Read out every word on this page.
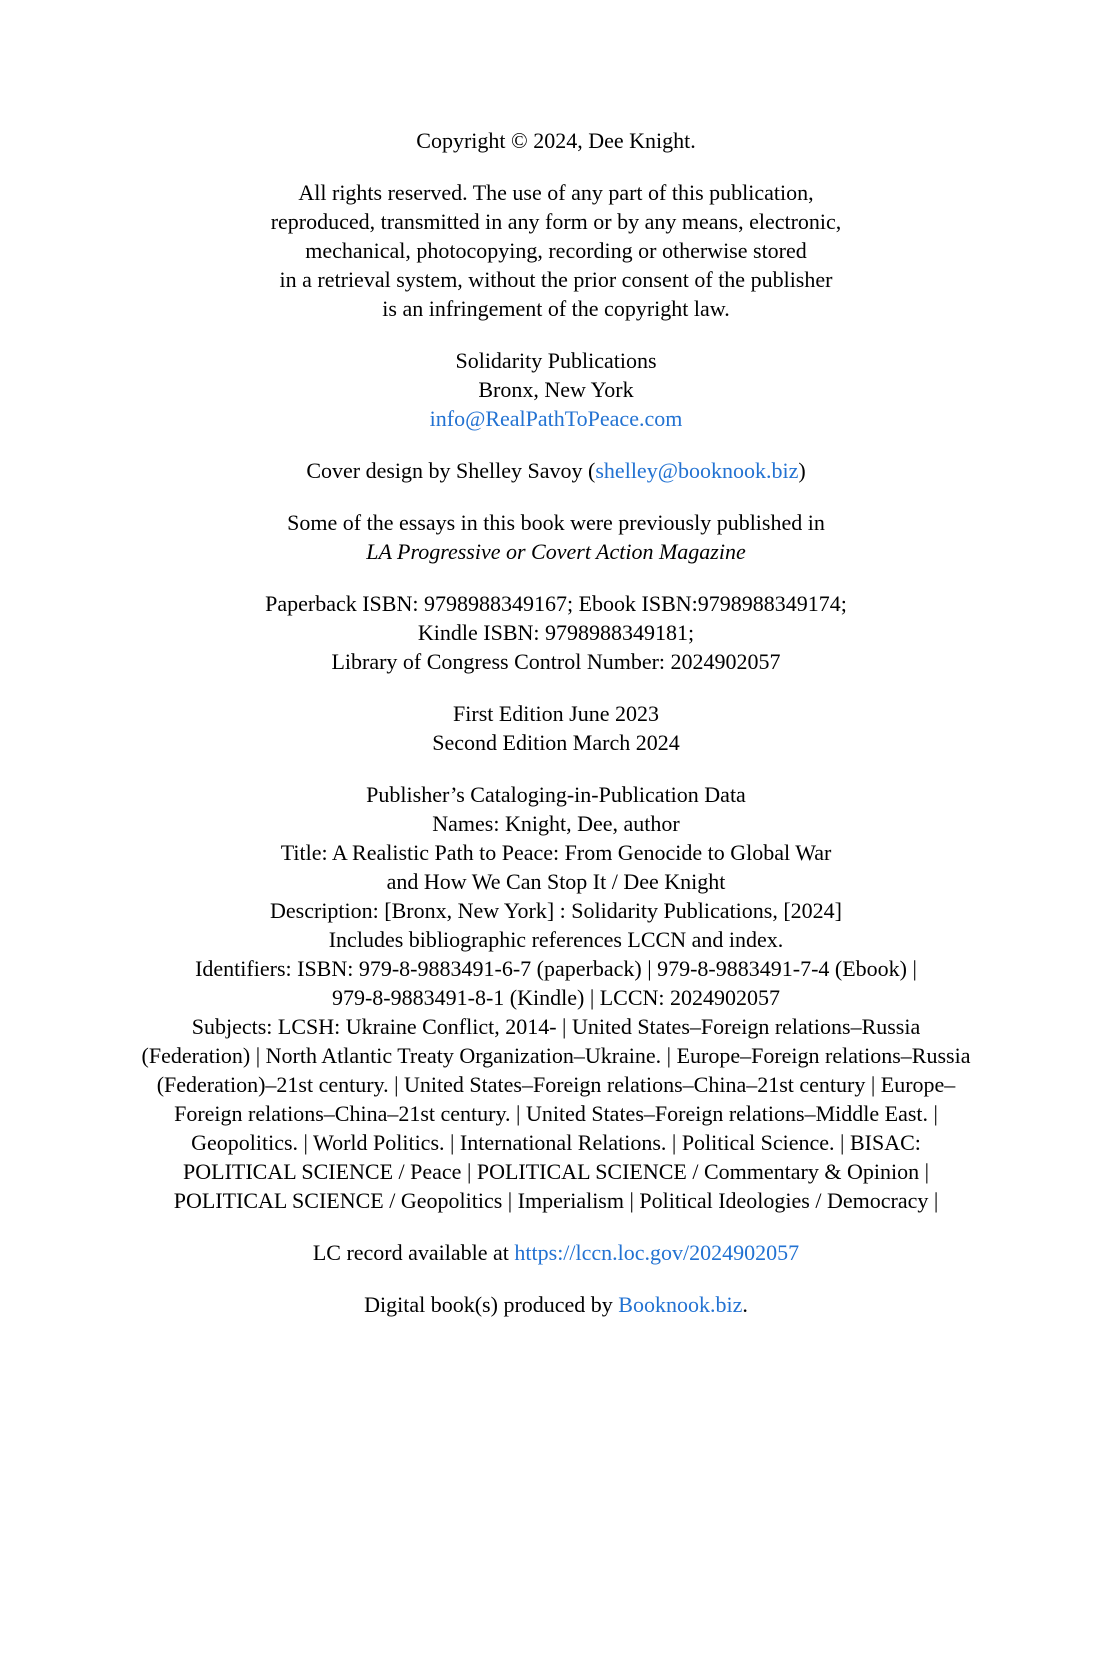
Copyright © 2024, Dee Knight.

All rights reserved. The use of any part of this publication,
reproduced, transmitted in any form or by any means, electronic,
mechanical, photocopying, recording or otherwise stored
in a retrieval system, without the prior consent of the publisher
is an infringement of the copyright law.

Solidarity Publications
Bronx, New York
info@RealPathToPeace.com

Cover design by Shelley Savoy (shelley@booknook.biz)

Some of the essays in this book were previously published in
LA Progressive or Covert Action Magazine

Paperback ISBN: 9798988349167; Ebook ISBN:9798988349174;
Kindle ISBN: 9798988349181;
Library of Congress Control Number: 2024902057

First Edition June 2023
Second Edition March 2024

Publisher’s Cataloging-in-Publication Data
Names: Knight, Dee, author
Title: A Realistic Path to Peace: From Genocide to Global War
and How We Can Stop It / Dee Knight
Description: [Bronx, New York] : Solidarity Publications, [2024]
Includes bibliographic references LCCN and index.
Identifiers: ISBN: 979-8-9883491-6-7 (paperback) | 979-8-9883491-7-4 (Ebook) |
979-8-9883491-8-1 (Kindle) | LCCN: 2024902057
Subjects: LCSH: Ukraine Conflict, 2014- | United States–Foreign relations–Russia
(Federation) | North Atlantic Treaty Organization–Ukraine. | Europe–Foreign relations–Russia
(Federation)–21st century. | United States–Foreign relations–China–21st century | Europe–
Foreign relations–China–21st century. | United States–Foreign relations–Middle East. |
Geopolitics. | World Politics. | International Relations. | Political Science. | BISAC:
POLITICAL SCIENCE / Peace | POLITICAL SCIENCE / Commentary & Opinion |
POLITICAL SCIENCE / Geopolitics | Imperialism | Political Ideologies / Democracy |

LC record available at https://lccn.loc.gov/2024902057

Digital book(s) produced by Booknook.biz.
